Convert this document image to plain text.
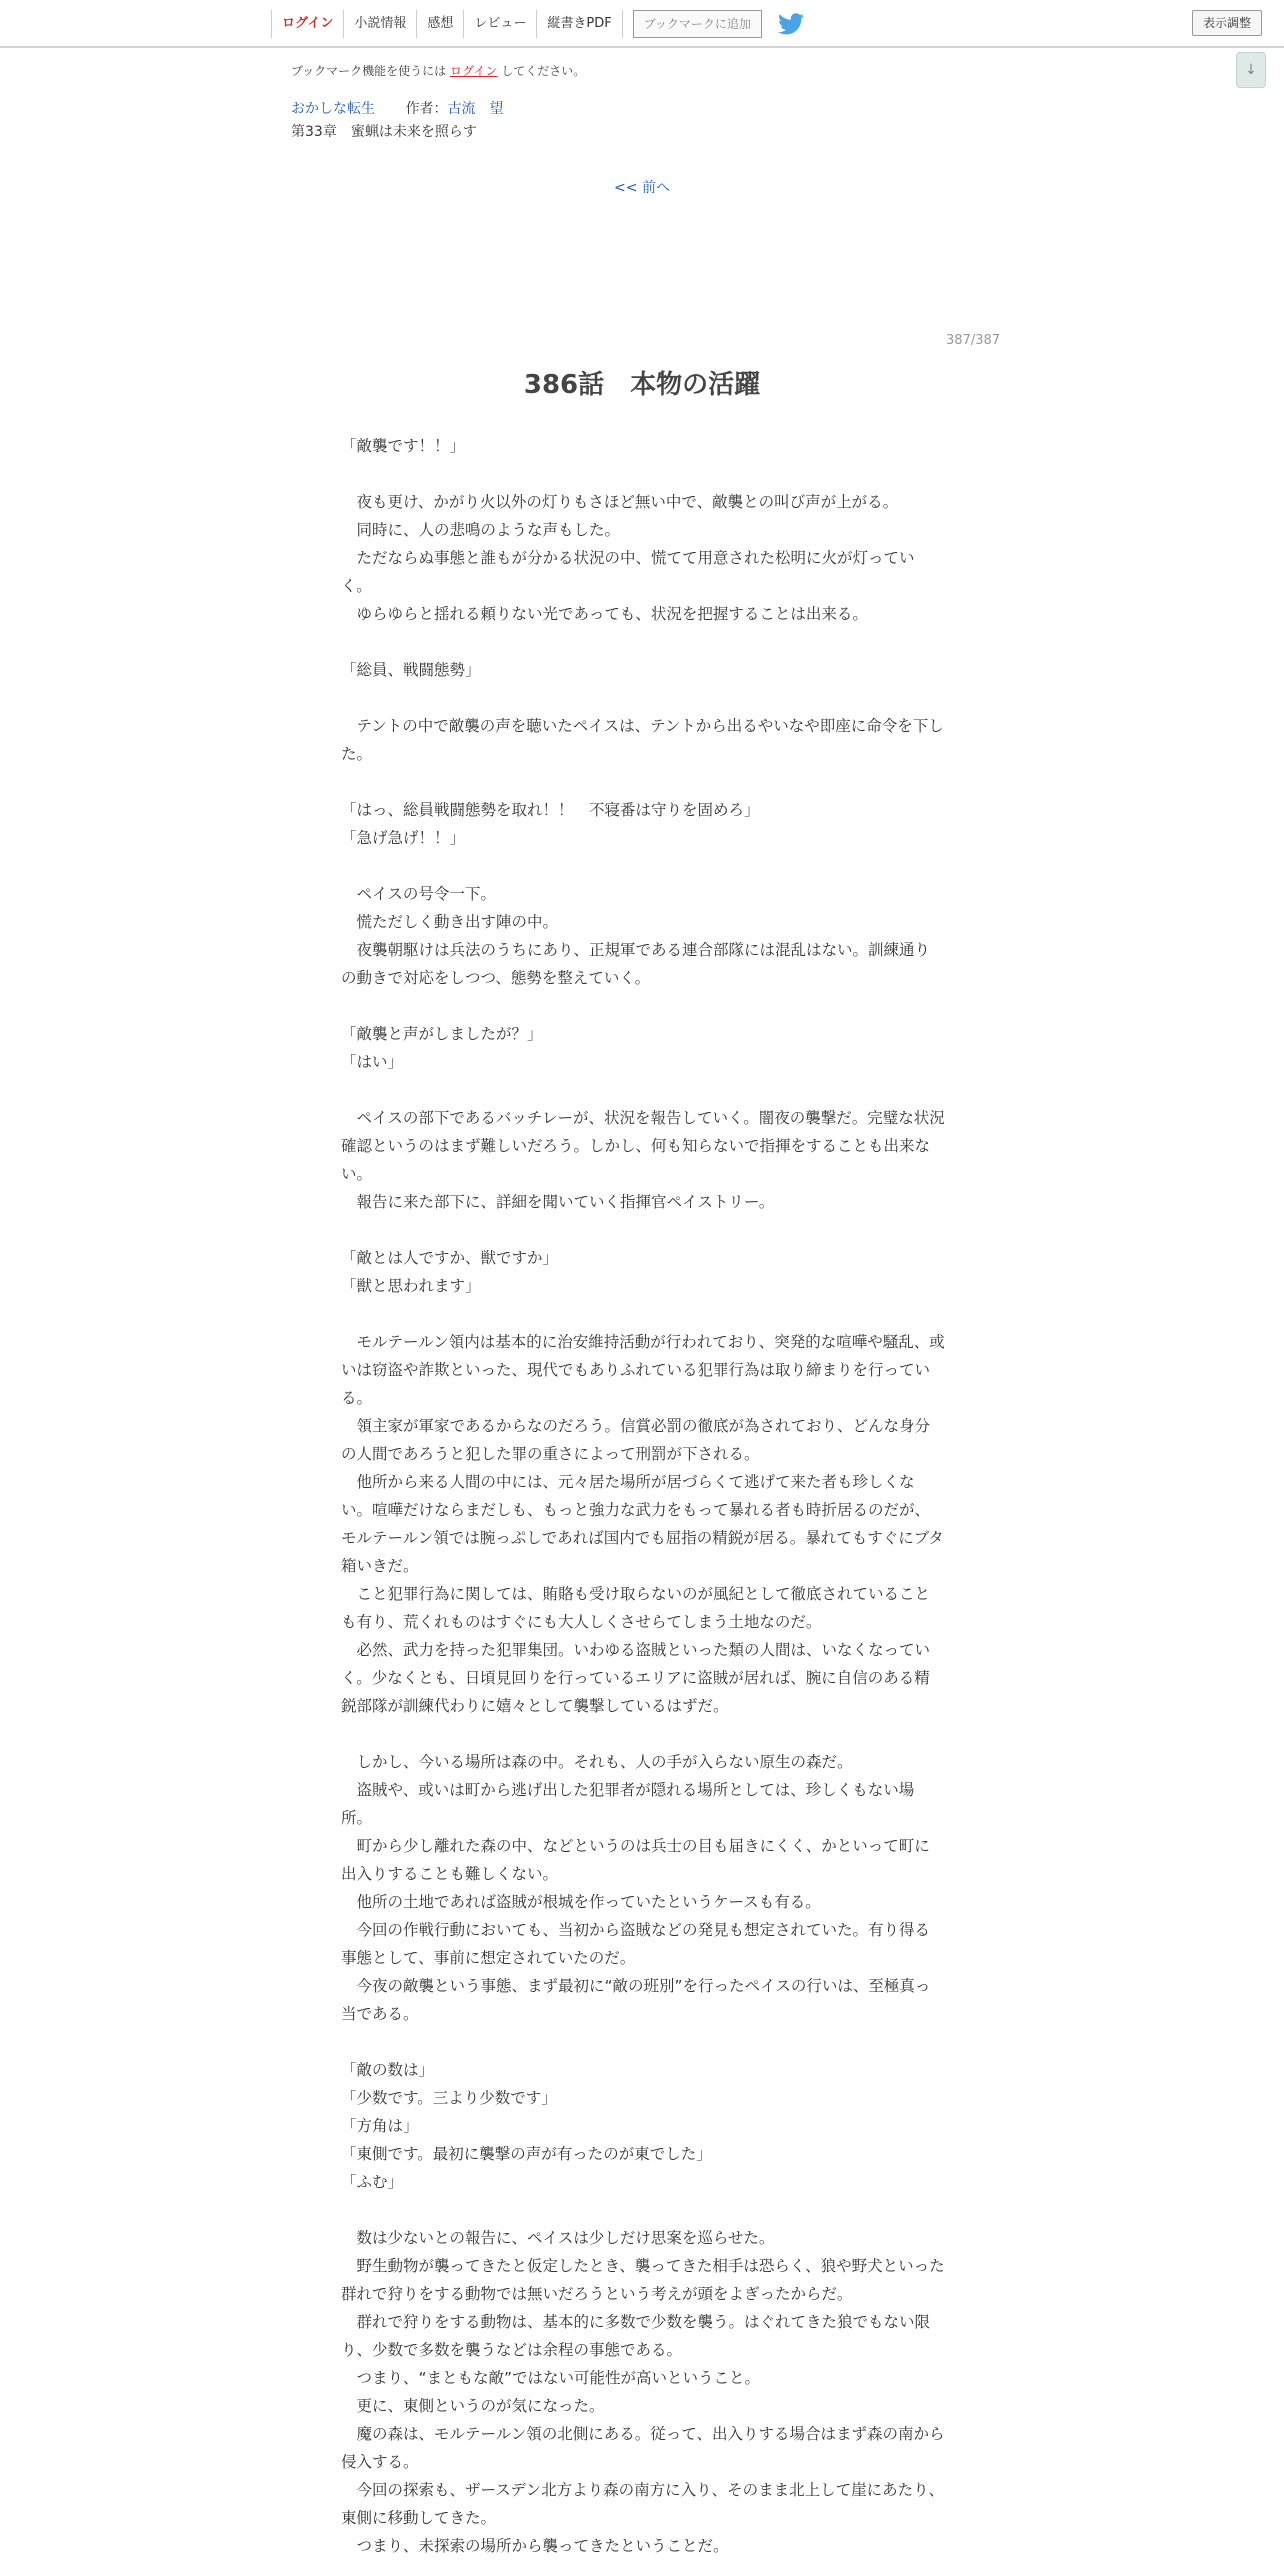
ログイン	小説情報	感想	レビュー	縦書きPDF	ブックマークに追加	表示調整
↓
ブックマーク機能を使うには ログイン してください。
おかしな転生 作者：古流　望
第33章　蜜蝋は未来を照らす
<< 前へ
387/387
386話　本物の活躍

「敵襲です！！」

　夜も更け、かがり火以外の灯りもさほど無い中で、敵襲との叫び声が上がる。

　同時に、人の悲鳴のような声もした。

　ただならぬ事態と誰もが分かる状況の中、慌てて用意された松明に火が灯っていく。

　ゆらゆらと揺れる頼りない光であっても、状況を把握することは出来る。

「総員、戦闘態勢」

　テントの中で敵襲の声を聴いたペイスは、テントから出るやいなや即座に命令を下した。

「はっ、総員戦闘態勢を取れ！！　不寝番は守りを固めろ」

「急げ急げ！！」

　ペイスの号令一下。

　慌ただしく動き出す陣の中。

　夜襲朝駆けは兵法のうちにあり、正規軍である連合部隊には混乱はない。訓練通りの動きで対応をしつつ、態勢を整えていく。

「敵襲と声がしましたが？」

「はい」

　ペイスの部下であるバッチレーが、状況を報告していく。闇夜の襲撃だ。完璧な状況確認というのはまず難しいだろう。しかし、何も知らないで指揮をすることも出来ない。

　報告に来た部下に、詳細を聞いていく指揮官ペイストリー。

「敵とは人ですか、獣ですか」

「獣と思われます」

　モルテールン領内は基本的に治安維持活動が行われており、突発的な喧嘩や騒乱、或いは窃盗や詐欺といった、現代でもありふれている犯罪行為は取り締まりを行っている。

　領主家が軍家であるからなのだろう。信賞必罰の徹底が為されており、どんな身分の人間であろうと犯した罪の重さによって刑罰が下される。

　他所から来る人間の中には、元々居た場所が居づらくて逃げて来た者も珍しくない。喧嘩だけならまだしも、もっと強力な武力をもって暴れる者も時折居るのだが、モルテールン領では腕っぷしであれば国内でも屈指の精鋭が居る。暴れてもすぐにブタ箱いきだ。

　こと犯罪行為に関しては、賄賂も受け取らないのが風紀として徹底されていることも有り、荒くれものはすぐにも大人しくさせらてしまう土地なのだ。

　必然、武力を持った犯罪集団。いわゆる盗賊といった類の人間は、いなくなっていく。少なくとも、日頃見回りを行っているエリアに盗賊が居れば、腕に自信のある精鋭部隊が訓練代わりに嬉々として襲撃しているはずだ。

　しかし、今いる場所は森の中。それも、人の手が入らない原生の森だ。

　盗賊や、或いは町から逃げ出した犯罪者が隠れる場所としては、珍しくもない場所。

　町から少し離れた森の中、などというのは兵士の目も届きにくく、かといって町に出入りすることも難しくない。

　他所の土地であれば盗賊が根城を作っていたというケースも有る。

　今回の作戦行動においても、当初から盗賊などの発見も想定されていた。有り得る事態として、事前に想定されていたのだ。

　今夜の敵襲という事態、まず最初に“敵の班別”を行ったペイスの行いは、至極真っ当である。

「敵の数は」

「少数です。三より少数です」

「方角は」

「東側です。最初に襲撃の声が有ったのが東でした」

「ふむ」

　数は少ないとの報告に、ペイスは少しだけ思案を巡らせた。

　野生動物が襲ってきたと仮定したとき、襲ってきた相手は恐らく、狼や野犬といった群れで狩りをする動物では無いだろうという考えが頭をよぎったからだ。

　群れで狩りをする動物は、基本的に多数で少数を襲う。はぐれてきた狼でもない限り、少数で多数を襲うなどは余程の事態である。

　つまり、“まともな敵”ではない可能性が高いということ。

　更に、東側というのが気になった。

　魔の森は、モルテールン領の北側にある。従って、出入りする場合はまず森の南から侵入する。

　今回の探索も、ザースデン北方より森の南方に入り、そのまま北上して崖にあたり、東側に移動してきた。

　つまり、未探索の場所から襲ってきたということだ。
